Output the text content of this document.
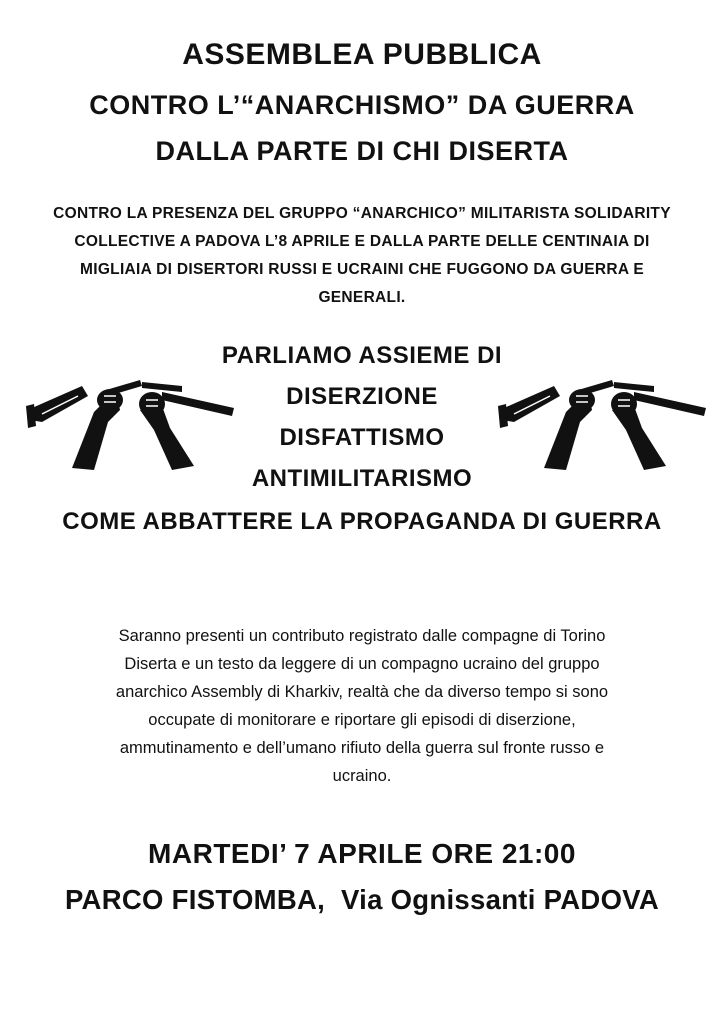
ASSEMBLEA PUBBLICA
CONTRO L’“ANARCHISMO” DA GUERRA
DALLA PARTE DI CHI DISERTA
CONTRO LA PRESENZA DEL GRUPPO “ANARCHICO” MILITARISTA SOLIDARITY
COLLECTIVE A PADOVA L’8 APRILE E DALLA PARTE DELLE CENTINAIA DI
MIGLIAIA DI DISERTORI RUSSI E UCRAINI CHE FUGGONO DA GUERRA E
GENERALI.
PARLIAMO ASSIEME DI
DISERZIONE
DISFATTISMO
ANTIMILITARISMO
COME ABBATTERE LA PROPAGANDA DI GUERRA
Saranno presenti un contributo registrato dalle compagne di Torino
Diserta e un testo da leggere di un compagno ucraino del gruppo
anarchico Assembly di Kharkiv, realtà che da diverso tempo si sono
occupate di monitorare e riportare gli episodi di diserzione,
ammutinamento e dell’umano rifiuto della guerra sul fronte russo e
ucraino.
MARTEDI’ 7 APRILE ORE 21:00
PARCO FISTOMBA,  Via Ognissanti PADOVA
